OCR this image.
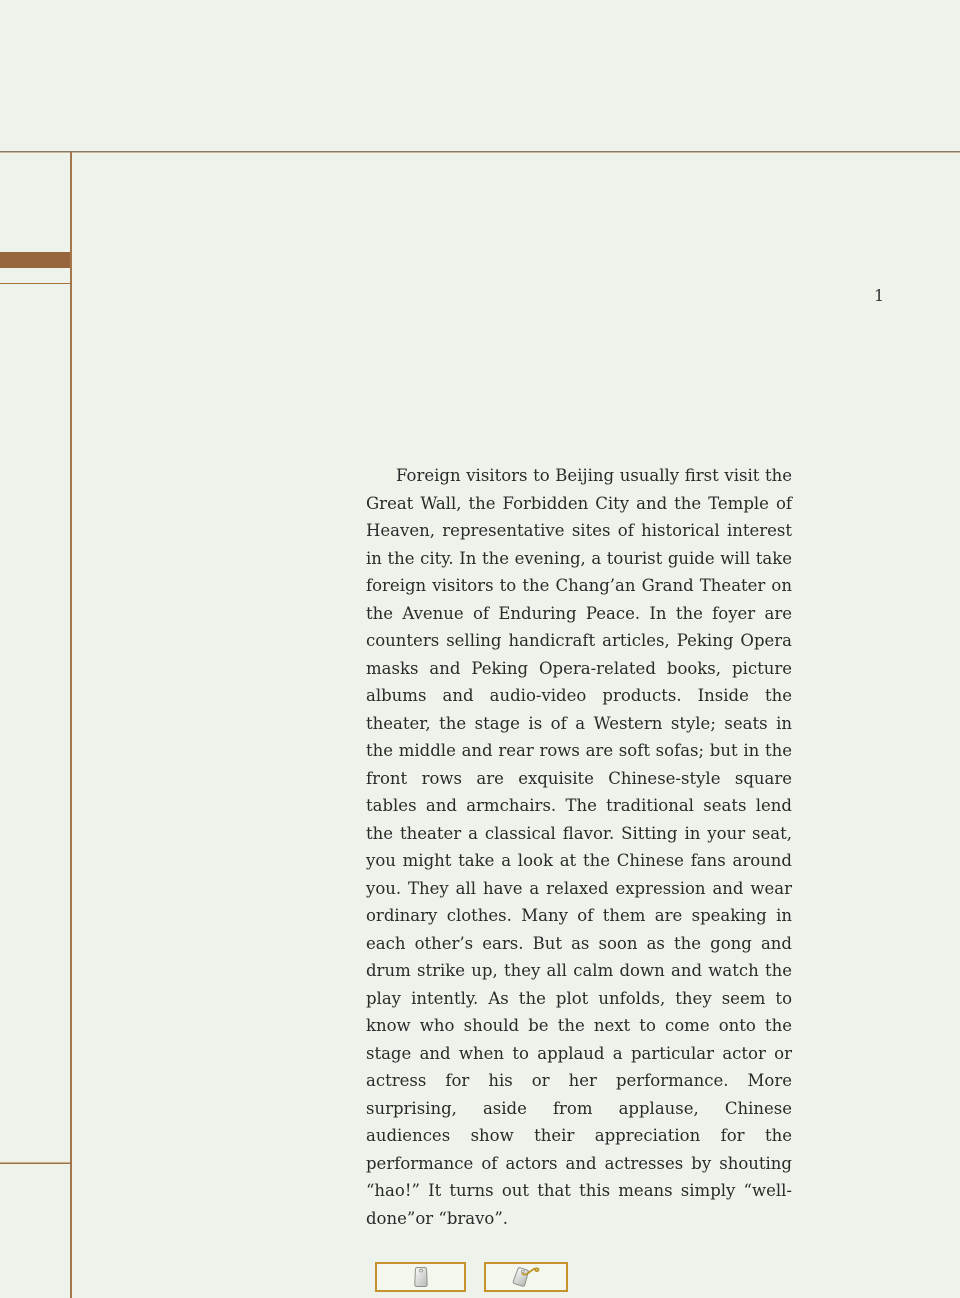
1
Foreign visitors to Beijing usually first visit the Great Wall, the Forbidden City and the Temple of Heaven, representative sites of historical interest in the city. In the evening, a tourist guide will take foreign visitors to the Chang’an Grand Theater on the Avenue of Enduring Peace. In the foyer are counters selling handicraft articles, Peking Opera masks and Peking Opera-related books, picture albums and audio-video products. Inside the theater, the stage is of a Western style; seats in the middle and rear rows are soft sofas; but in the front rows are exquisite Chinese-style square tables and armchairs. The traditional seats lend the theater a classical flavor. Sitting in your seat, you might take a look at the Chinese fans around you. They all have a relaxed expression and wear ordinary clothes. Many of them are speaking in each other’s ears. But as soon as the gong and drum strike up, they all calm down and watch the play intently. As the plot unfolds, they seem to know who should be the next to come onto the stage and when to applaud a particular actor or actress for his or her performance. More surprising, aside from applause, Chinese audiences show their appreciation for the performance of actors and actresses by shouting “hao!” It turns out that this means simply “well-done”or “bravo”.
